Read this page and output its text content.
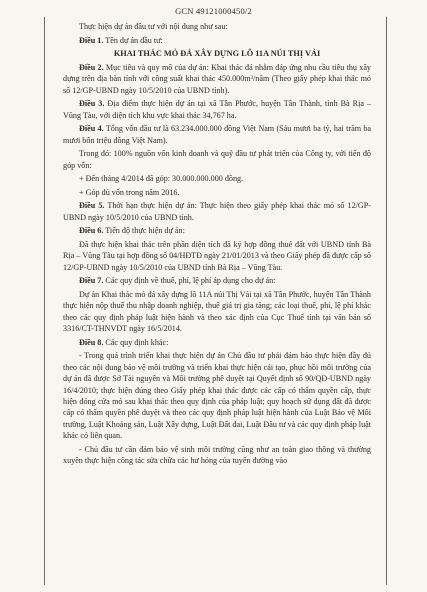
GCN 49121000450/2

Thực hiện dự án đầu tư với nội dung như sau:

Điều 1. Tên dự án đầu tư:

KHAI THÁC MỎ ĐÁ XÂY DỰNG LÔ 11A NÚI THỊ VẢI

Điều 2. Mục tiêu và quy mô của dự án: Khai thác đá nhằm đáp ứng nhu cầu tiêu thụ xây dựng trên địa bàn tỉnh với công suất khai thác 450.000m³/năm (Theo giấy phép khai thác mỏ số 12/GP-UBND ngày 10/5/2010 của UBND tỉnh).

Điều 3. Địa điểm thực hiện dự án tại xã Tân Phước, huyện Tân Thành, tỉnh Bà Rịa – Vũng Tàu, với diện tích khu vực khai thác 34,767 ha.

Điều 4. Tổng vốn đầu tư là 63.234.000.000 đồng Việt Nam (Sáu mươi ba tỷ, hai trăm ba mươi bốn triệu đồng Việt Nam).

Trong đó: 100% nguồn vốn kinh doanh và quỹ đầu tư phát triển của Công ty, với tiến độ góp vốn:

+ Đến tháng 4/2014 đã góp: 30.000.000.000 đồng.

+ Góp đủ vốn trong năm 2016.

Điều 5. Thời hạn thực hiện dự án: Thực hiện theo giấy phép khai thác mỏ số 12/GP-UBND ngày 10/5/2010 của UBND tỉnh.

Điều 6. Tiến độ thực hiện dự án:

Đã thực hiện khai thác trên phần diện tích đã ký hợp đồng thuê đất với UBND tỉnh Bà Rịa – Vũng Tàu tại hợp đồng số 04/HĐTĐ ngày 21/01/2013 và theo Giấy phép đã được cấp số 12/GP-UBND ngày 10/5/2010 của UBND tỉnh Bà Rịa – Vũng Tàu.

Điều 7. Các quy định về thuế, phí, lệ phí áp dụng cho dự án:

Dự án Khai thác mỏ đá xây dựng lô 11A núi Thị Vải tại xã Tân Phước, huyện Tân Thành thực hiện nộp thuế thu nhập doanh nghiệp, thuế giá trị gia tăng; các loại thuế, phí, lệ phí khác theo các quy định pháp luật hiện hành và theo xác định của Cục Thuế tỉnh tại văn bản số 3316/CT-THNVDT ngày 16/5/2014.

Điều 8. Các quy định khác:

- Trong quá trình triển khai thực hiện dự án Chủ đầu tư phải đảm bảo thực hiện đầy đủ theo các nội dung bảo vệ môi trường và triển khai thực hiện cải tạo, phục hồi môi trường của dự án đã được Sở Tài nguyên và Môi trường phê duyệt tại Quyết định số 90/QĐ-UBND ngày 16/4/2010; thực hiện đúng theo Giấy phép khai thác được các cấp có thẩm quyền cấp, thực hiện đóng cửa mỏ sau khai thác theo quy định của pháp luật; quy hoạch sử dụng đất đã được cấp có thẩm quyền phê duyệt và theo các quy định pháp luật hiện hành của Luật Bảo vệ Môi trường, Luật Khoáng sản, Luật Xây dựng, Luật Đất đai, Luật Đầu tư và các quy định pháp luật khác có liên quan.

- Chủ đầu tư cần đảm bảo vệ sinh môi trường cũng như an toàn giao thông và thường xuyên thực hiện công tác sửa chữa các hư hỏng của tuyến đường vào
